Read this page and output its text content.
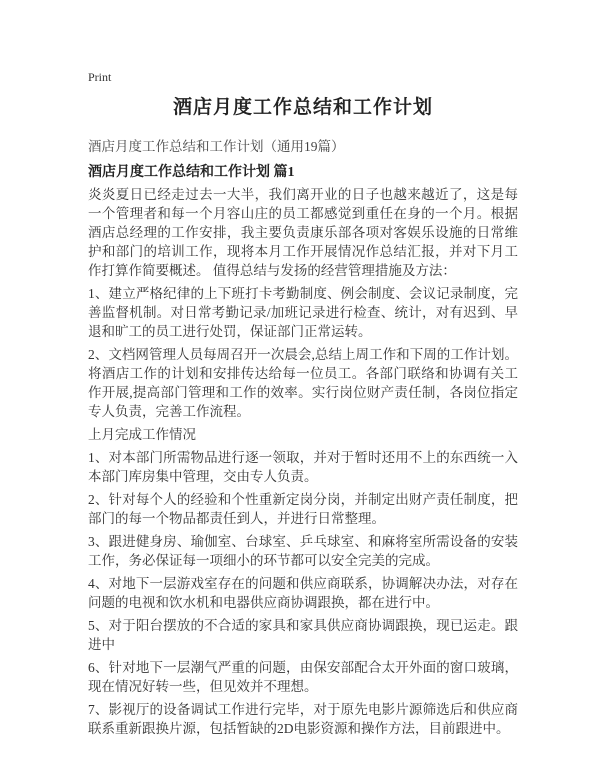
Print
酒店月度工作总结和工作计划

酒店月度工作总结和工作计划（通用19篇）

酒店月度工作总结和工作计划 篇1

炎炎夏日已经走过去一大半，我们离开业的日子也越来越近了，这是每一个管理者和每一个月容山庄的员工都感觉到重任在身的一个月。根据酒店总经理的工作安排，我主要负责康乐部各项对客娱乐设施的日常维护和部门的培训工作，现将本月工作开展情况作总结汇报，并对下月工作打算作简要概述。 值得总结与发扬的经营管理措施及方法：

1、建立严格纪律的上下班打卡考勤制度、例会制度、会议记录制度，完善监督机制。对日常考勤记录/加班记录进行检查、统计，对有迟到、早退和旷工的员工进行处罚，保证部门正常运转。

2、文档网管理人员每周召开一次晨会,总结上周工作和下周的工作计划。将酒店工作的计划和安排传达给每一位员工。各部门联络和协调有关工作开展,提高部门管理和工作的效率。实行岗位财产责任制，各岗位指定专人负责，完善工作流程。

上月完成工作情况

1、对本部门所需物品进行逐一领取，并对于暂时还用不上的东西统一入本部门库房集中管理，交由专人负责。

2、针对每个人的经验和个性重新定岗分岗，并制定出财产责任制度，把部门的每一个物品都责任到人，并进行日常整理。

3、跟进健身房、瑜伽室、台球室、乒乓球室、和麻将室所需设备的安装工作，务必保证每一项细小的环节都可以安全完美的完成。

4、对地下一层游戏室存在的问题和供应商联系，协调解决办法，对存在问题的电视和饮水机和电器供应商协调跟换，都在进行中。

5、对于阳台摆放的不合适的家具和家具供应商协调跟换，现已运走。跟进中

6、针对地下一层潮气严重的问题，由保安部配合太开外面的窗口玻璃，现在情况好转一些，但见效并不理想。

7、影视厅的设备调试工作进行完毕，对于原先电影片源筛选后和供应商联系重新跟换片源，包括暂缺的2D电影资源和操作方法，目前跟进中。
